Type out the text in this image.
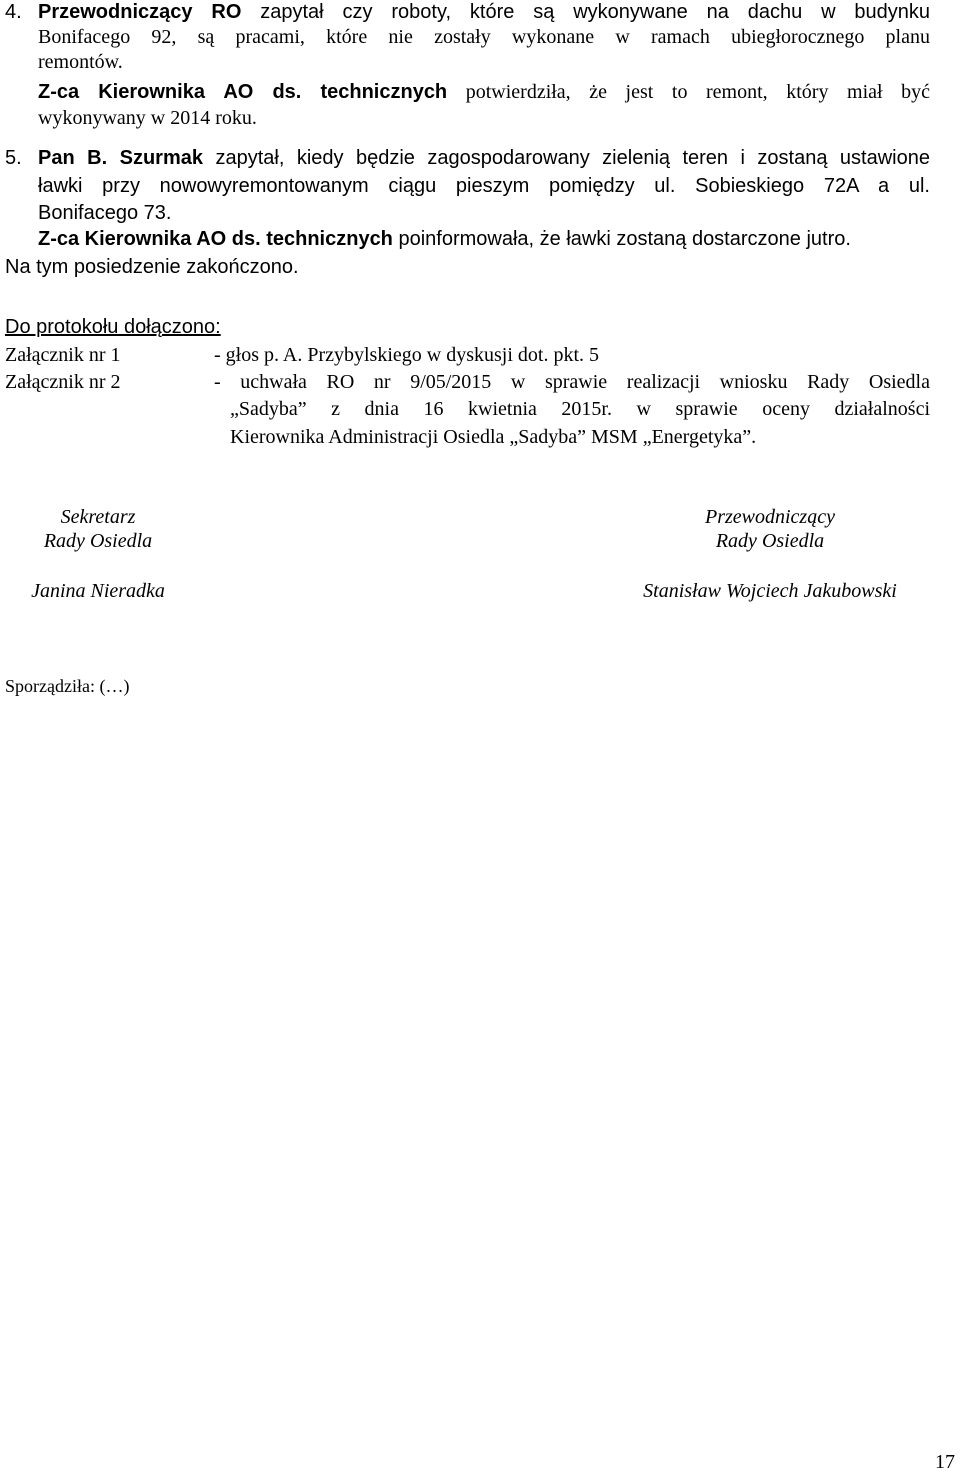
4. Przewodniczący RO zapytał czy roboty, które są wykonywane na dachu w budynku
Bonifacego 92, są pracami, które nie zostały wykonane w ramach ubiegłorocznego planu
remontów.
Z-ca Kierownika AO ds. technicznych potwierdziła, że jest to remont, który miał być
wykonywany w 2014 roku.
5. Pan B. Szurmak zapytał, kiedy będzie zagospodarowany zielenią teren i zostaną ustawione
ławki przy nowowyremontowanym ciągu pieszym pomiędzy ul. Sobieskiego 72A a ul.
Bonifacego 73.
Z-ca Kierownika AO ds. technicznych poinformowała, że ławki zostaną dostarczone jutro.
Na tym posiedzenie zakończono.
Do protokołu dołączono:
Załącznik nr 1	- głos p. A. Przybylskiego w dyskusji dot. pkt. 5
Załącznik nr 2	- uchwała RO nr 9/05/2015 w sprawie realizacji wniosku Rady Osiedla
„Sadyba” z dnia 16 kwietnia 2015r. w sprawie oceny działalności
Kierownika Administracji Osiedla „Sadyba” MSM „Energetyka”.
Sekretarz
Rady Osiedla
Janina Nieradka
Przewodniczący
Rady Osiedla
Stanisław Wojciech Jakubowski
Sporządziła: (…)
17
